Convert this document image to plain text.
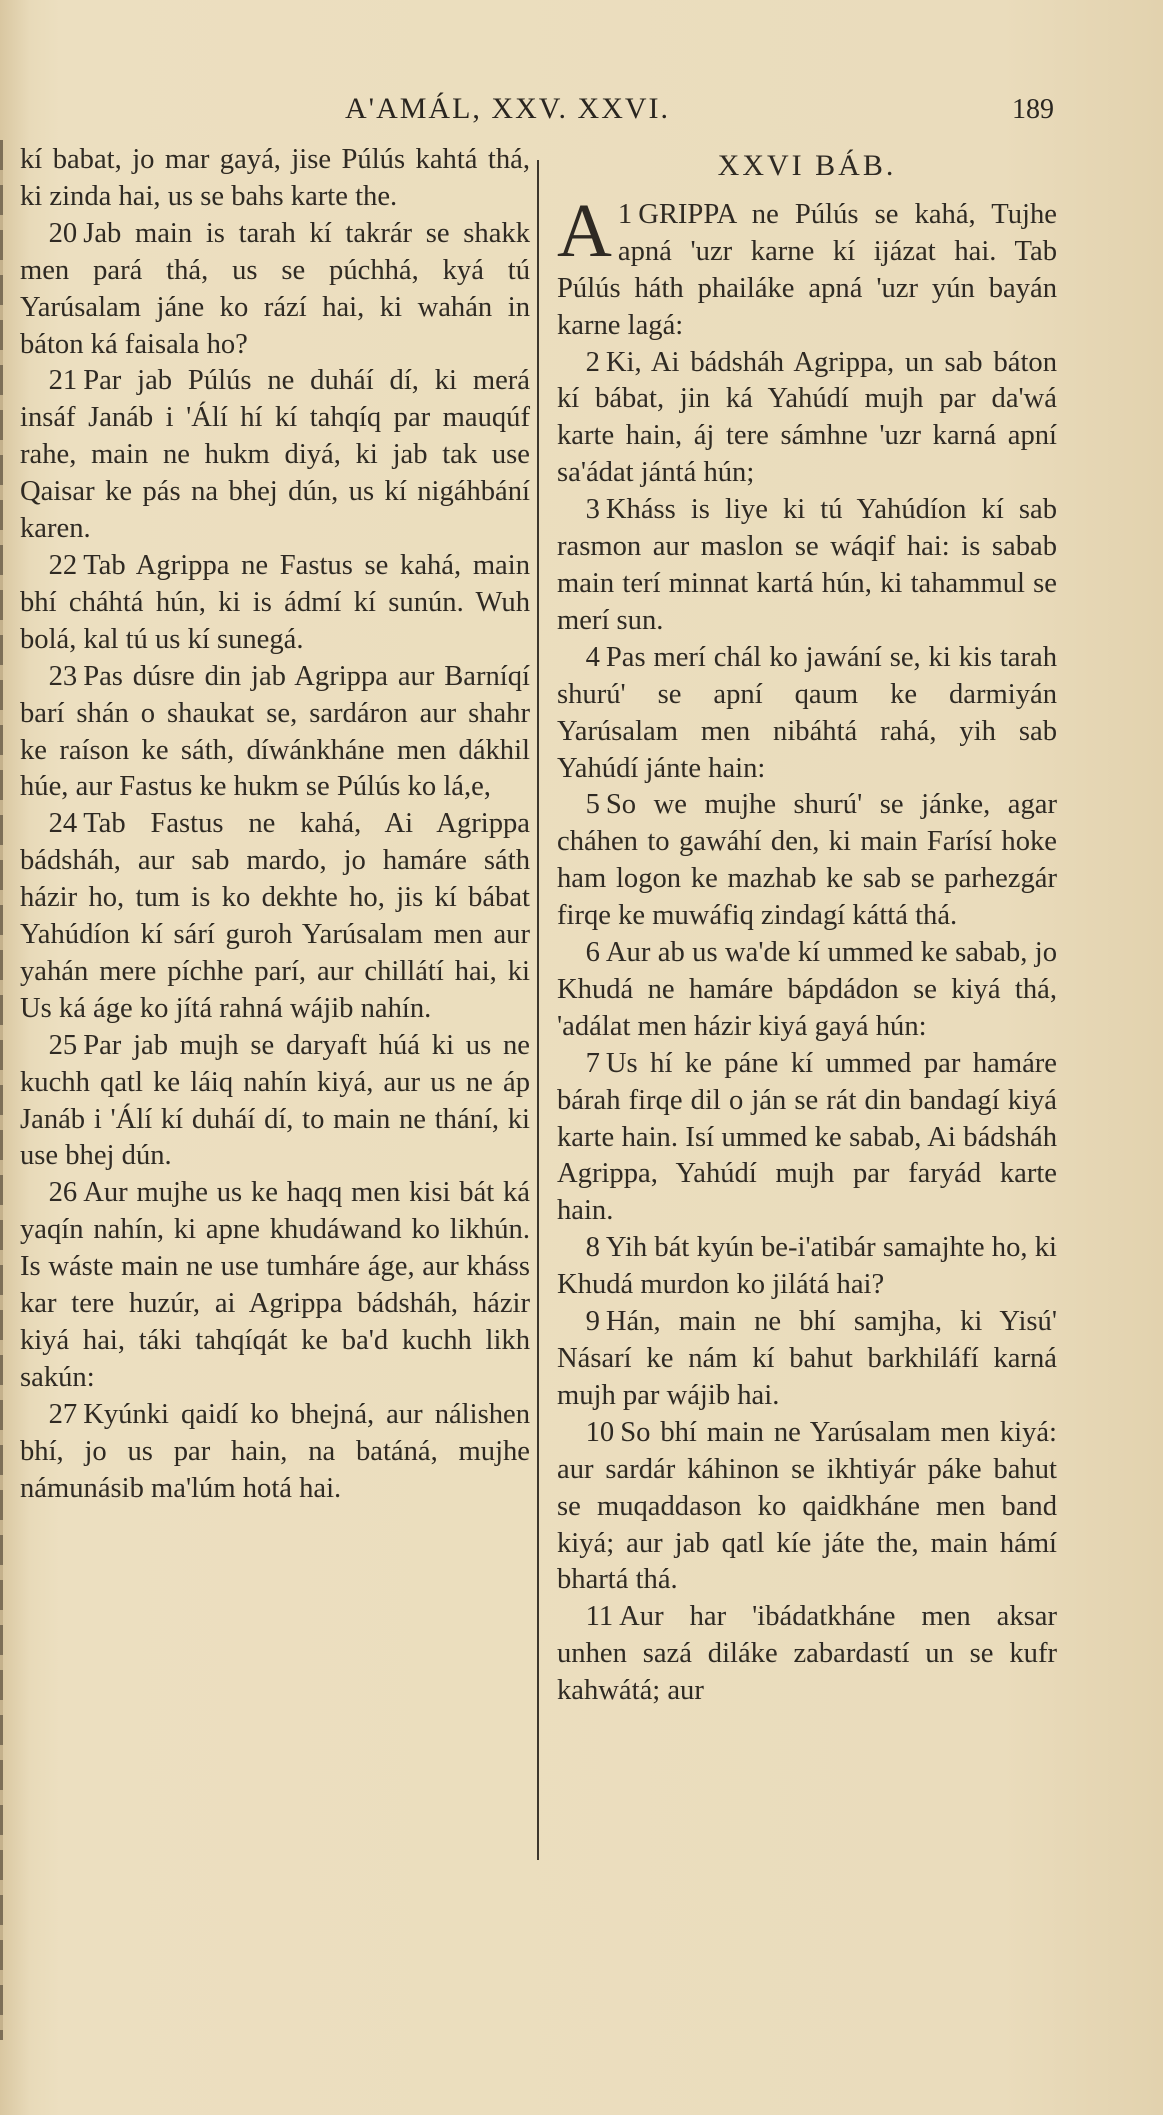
A'AMÁL, XXV. XXVI.	189

kí babat, jo mar gayá, jise Púlús kahtá thá, ki zinda hai, us se bahs karte the.

 20 Jab main is tarah kí takrár se shakk men pará thá, us se púchhá, kyá tú Yarúsalam jáne ko rází hai, ki wahán in báton ká faisala ho?

 21 Par jab Púlús ne duháí dí, ki merá insáf Janáb i 'Álí hí kí tahqíq par mauqúf rahe, main ne hukm diyá, ki jab tak use Qaisar ke pás na bhej dún, us kí nigáhbání karen.

 22 Tab Agrippa ne Fastus se kahá, main bhí cháhtá hún, ki is ádmí kí sunún. Wuh bolá, kal tú us kí sunegá.

 23 Pas dúsre din jab Agrippa aur Barníqí barí shán o shaukat se, sardáron aur shahr ke raíson ke sáth, díwánkháne men dákhil húe, aur Fastus ke hukm se Púlús ko lá,e,

 24 Tab Fastus ne kahá, Ai Agrippa bádsháh, aur sab mardo, jo hamáre sáth házir ho, tum is ko dekhte ho, jis kí bábat Yahúdíon kí sárí guroh Yarúsalam men aur yahán mere píchhe parí, aur chillátí hai, ki Us ká áge ko jítá rahná wájib nahín.

 25 Par jab mujh se daryaft húá ki us ne kuchh qatl ke láiq nahín kiyá, aur us ne áp Janáb i 'Álí kí duháí dí, to main ne thání, ki use bhej dún.

 26 Aur mujhe us ke haqq men kisi bát ká yaqín nahín, ki apne khudáwand ko likhún. Is wáste main ne use tumháre áge, aur kháss kar tere huzúr, ai Agrippa bádsháh, házir kiyá hai, táki tahqíqát ke ba'd kuchh likh sakún:

 27 Kyúnki qaidí ko bhejná, aur nálishen bhí, jo us par hain, na batáná, mujhe námunásib ma'lúm hotá hai.

XXVI BÁB.

1
A GRIPPA ne Púlús se kahá, Tujhe apná 'uzr karne kí ijázat hai. Tab Púlús háth phailáke apná 'uzr yún bayán karne lagá:

 2 Ki, Ai bádsháh Agrippa, un sab báton kí bábat, jin ká Yahúdí mujh par da'wá karte hain, áj tere sámhne 'uzr karná apní sa'ádat jántá hún;

 3 Kháss is liye ki tú Yahúdíon kí sab rasmon aur maslon se wáqif hai: is sabab main terí minnat kartá hún, ki tahammul se merí sun.

 4 Pas merí chál ko jawání se, ki kis tarah shurú' se apní qaum ke darmiyán Yarúsalam men nibáhtá rahá, yih sab Yahúdí jánte hain:

 5 So we mujhe shurú' se jánke, agar cháhen to gawáhí den, ki main Farísí hoke ham logon ke mazhab ke sab se parhezgár firqe ke muwáfiq zindagí káttá thá.

 6 Aur ab us wa'de kí ummed ke sabab, jo Khudá ne hamáre bápdádon se kiyá thá, 'adálat men házir kiyá gayá hún:

 7 Us hí ke páne kí ummed par hamáre bárah firqe dil o ján se rát din bandagí kiyá karte hain. Isí ummed ke sabab, Ai bádsháh Agrippa, Yahúdí mujh par faryád karte hain.

 8 Yih bát kyún be-i'atibár samajhte ho, ki Khudá murdon ko jilátá hai?

 9 Hán, main ne bhí samjha, ki Yisú' Násarí ke nám kí bahut barkhiláfí karná mujh par wájib hai.

 10 So bhí main ne Yarúsalam men kiyá: aur sardár káhinon se ikhtiyár páke bahut se muqaddason ko qaidkháne men band kiyá; aur jab qatl kíe játe the, main hámí bhartá thá.

 11 Aur har 'ibádatkháne men aksar unhen sazá diláke zabardastí un se kufr kahwátá; aur
